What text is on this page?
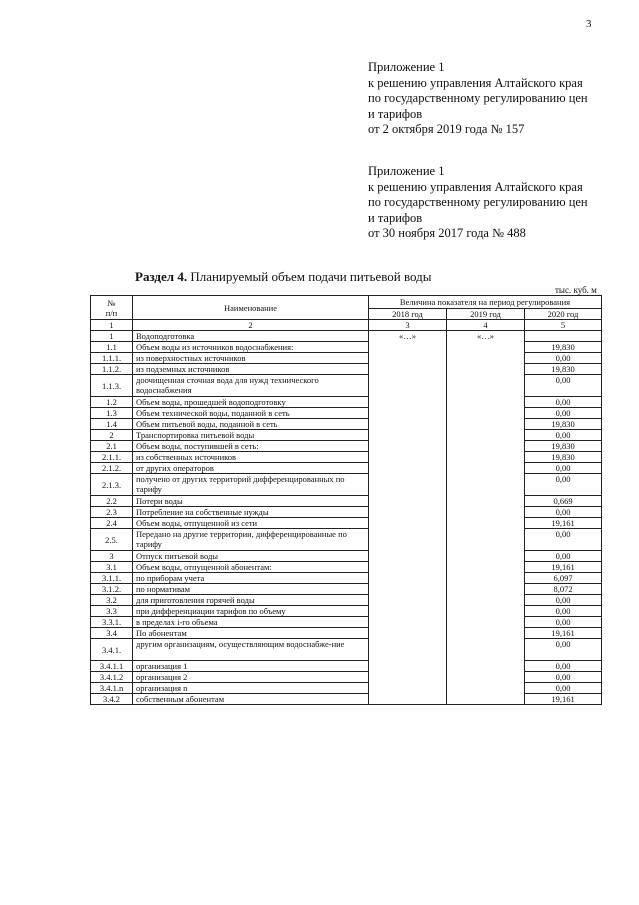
3
Приложение 1
к решению управления Алтайского края
по государственному регулированию цен
и тарифов
от 2 октября 2019 года № 157
Приложение 1
к решению управления Алтайского края
по государственному регулированию цен
и тарифов
от 30 ноября 2017 года № 488
Раздел 4. Планируемый объем подачи питьевой воды
тыс. куб. м
№
п/п	Наименование	Величина показателя на период регулирования		
		2018 год	2019 год	2020 год
1	2	3	4	5
1	Водоподготовка	«…»	«…»	
1.1	Объем воды из источников водоснабжения:			19,830
1.1.1.	из поверхностных источников			0,00
1.1.2.	из подземных источников			19,830
1.1.3.	доочищенная сточная вода для нужд технического водоснабжения			0,00
1.2	Объем воды, прошедшей водоподготовку			0,00
1.3	Объем технической воды, поданной в сеть			0,00
1.4	Объем питьевой воды, поданной в сеть			19,830
2	Транспортировка питьевой воды			0,00
2.1	Объем воды, поступившей в сеть:			19,830
2.1.1.	из собственных источников			19,830
2.1.2.	от других операторов			0,00
2.1.3.	получено от других территорий дифференцированных по тарифу			0,00
2.2	Потери воды			0,669
2.3	Потребление на собственные нужды			0,00
2.4	Объем воды, отпущенной из сети			19,161
2.5.	Передано на другие территории, дифференцированные по тарифу			0,00
3	Отпуск питьевой воды			0,00
3.1	Объем воды, отпущенной абонентам:			19,161
3.1.1.	по приборам учета			6,097
3.1.2.	по нормативам			8,072
3.2	для приготовления горячей воды			0,00
3.3	при дифференциации тарифов по объему			0,00
3.3.1.	в пределах i-го объема			0,00
3.4	По абонентам			19,161
3.4.1.	другим организациям, осуществляющим водоснабже-ние			0,00
3.4.1.1	организация 1			0,00
3.4.1.2	организация 2			0,00
3.4.1.n	организация n			0,00
3.4.2	собственным абонентам			19,161
